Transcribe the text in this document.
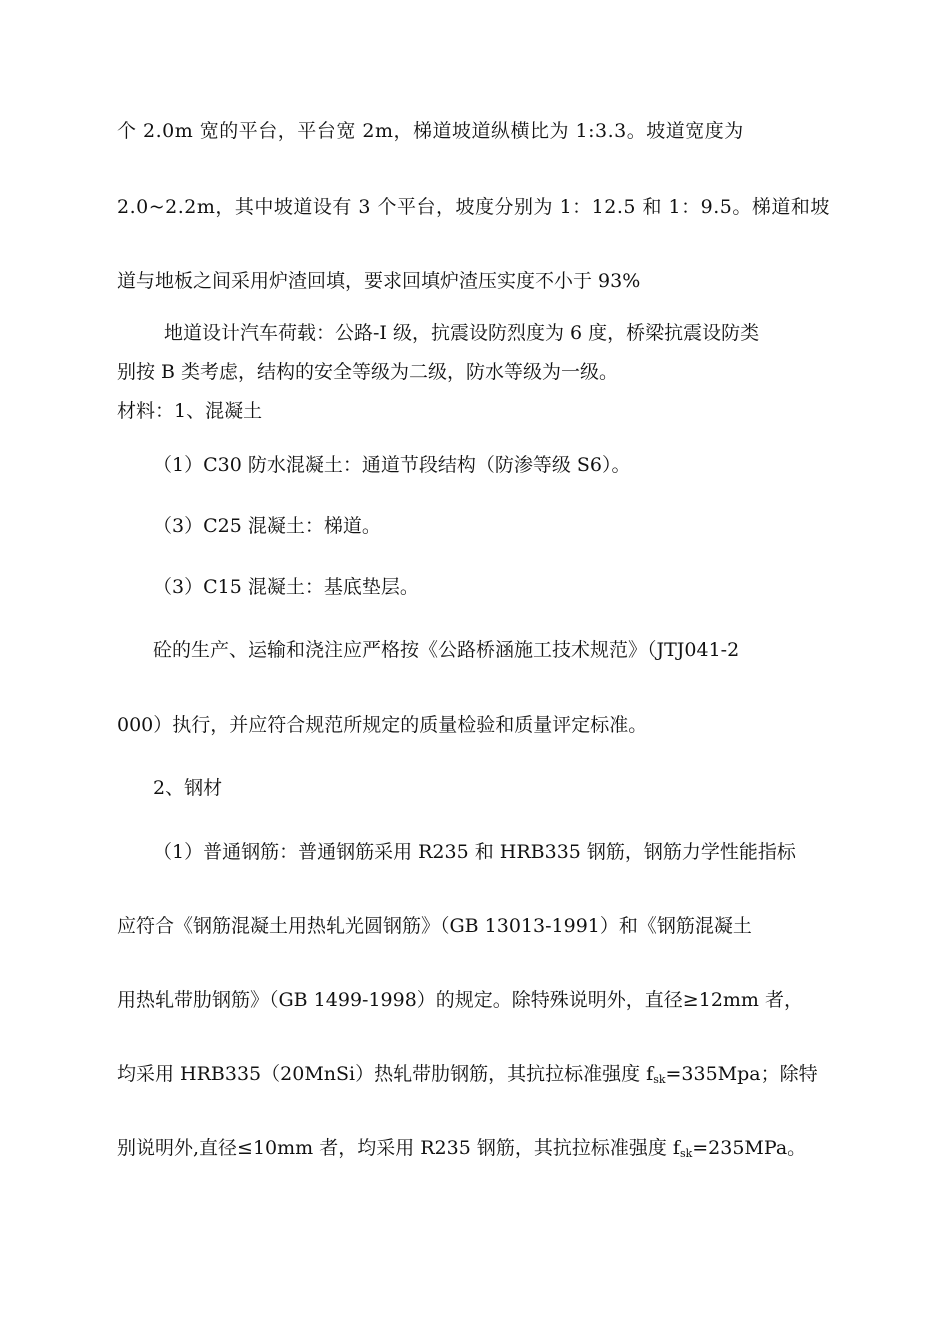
个 2.0m 宽的平台，平台宽 2m，梯道坡道纵横比为 1:3.3。坡道宽度为
2.0~2.2m，其中坡道设有 3 个平台，坡度分别为 1：12.5 和 1：9.5。梯道和坡
道与地板之间采用炉渣回填，要求回填炉渣压实度不小于 93%
地道设计汽车荷载：公路-I 级，抗震设防烈度为 6 度，桥梁抗震设防类
别按 B 类考虑，结构的安全等级为二级，防水等级为一级。
材料：1、混凝土
（1）C30 防水混凝土：通道节段结构（防渗等级 S6）。
（3）C25 混凝土：梯道。
（3）C15 混凝土：基底垫层。
砼的生产、运输和浇注应严格按《公路桥涵施工技术规范》（JTJ041-2
000）执行，并应符合规范所规定的质量检验和质量评定标准。
2、钢材
（1）普通钢筋：普通钢筋采用 R235 和 HRB335 钢筋，钢筋力学性能指标
应符合《钢筋混凝土用热轧光圆钢筋》（GB 13013-1991）和《钢筋混凝土
用热轧带肋钢筋》（GB 1499-1998）的规定。除特殊说明外，直径≥12mm 者，
均采用 HRB335（20MnSi）热轧带肋钢筋，其抗拉标准强度 $f_{sk}=335Mpa$；除特
别说明外,直径≤10mm 者，均采用 R235 钢筋，其抗拉标准强度 $f_{sk}=235MPa$。
